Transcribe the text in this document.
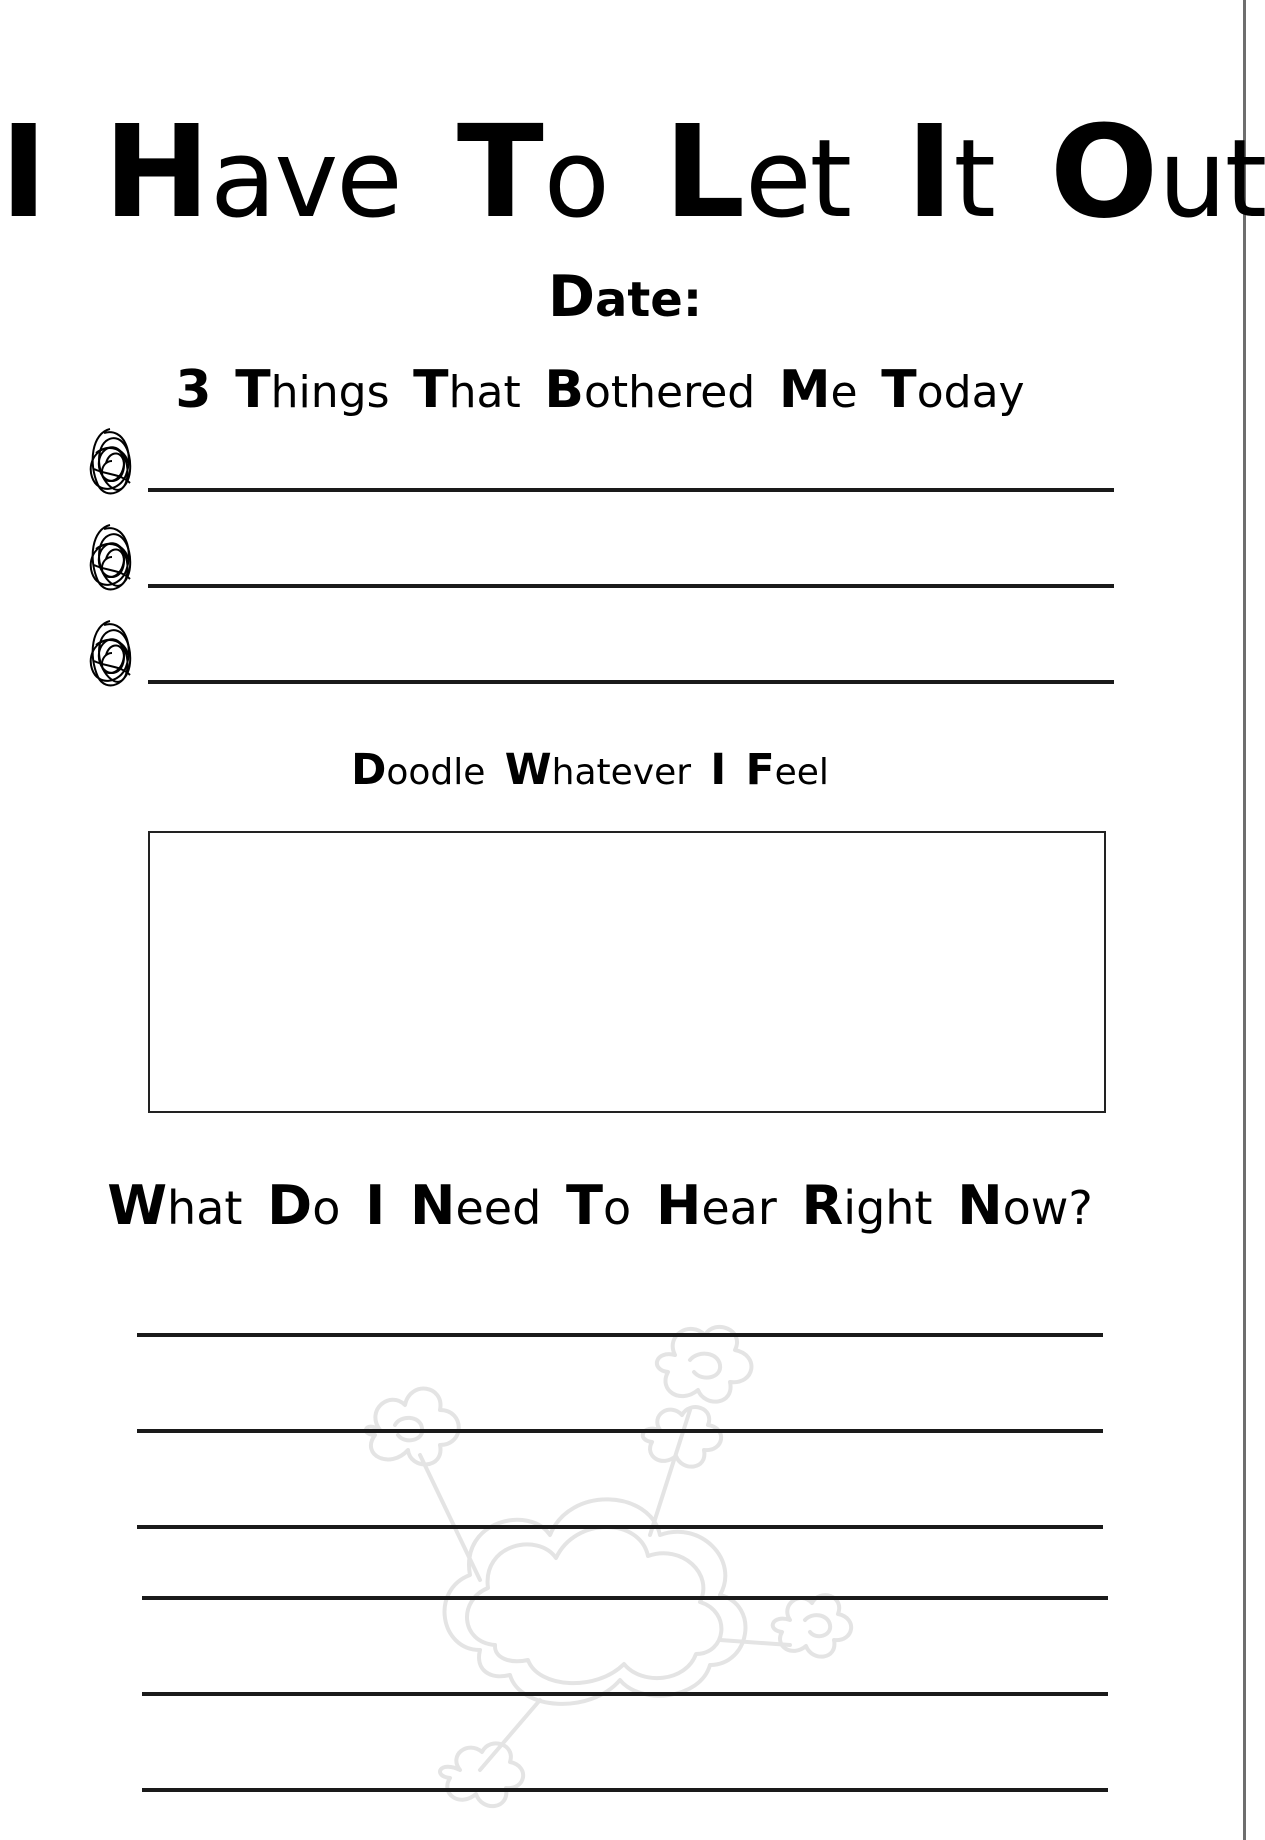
I Have To Let It Out
Date:
3 Things That Bothered Me Today
Doodle Whatever I Feel
What Do I Need To Hear Right Now?
